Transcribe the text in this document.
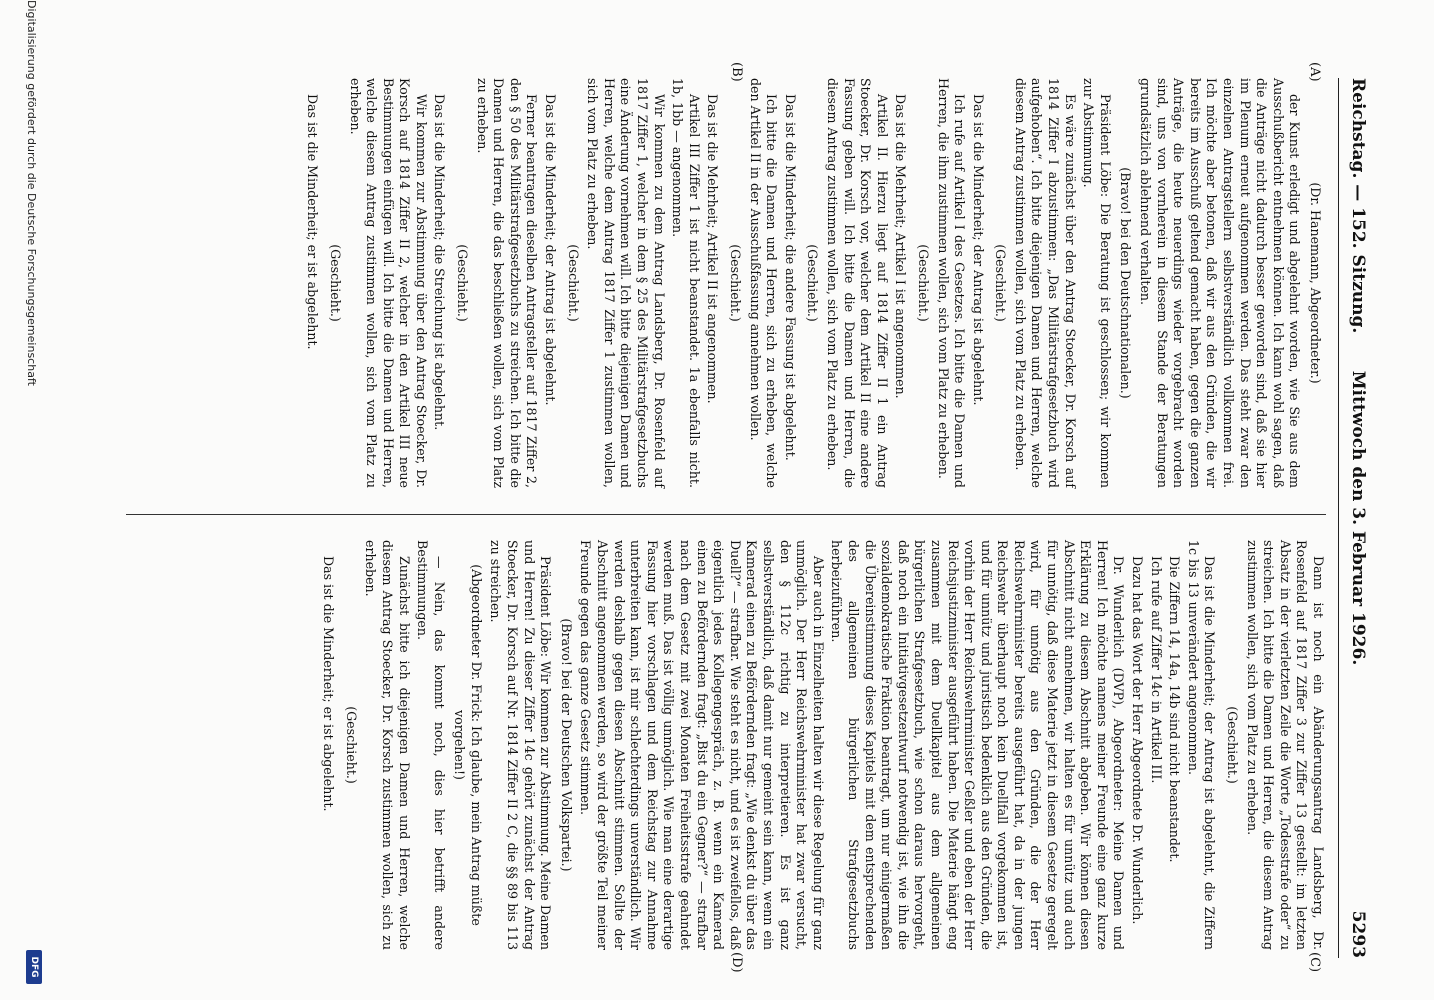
Reichstag. — 152. Sitzung.
Mittwoch den 3. Februar 1926.
5293
(A)
(B)
(C)
(D)

(Dr. Hanemann, Abgeordneter.)

der Kunst erledigt und abgelehnt worden, wie Sie aus dem Ausschußbericht entnehmen können. Ich kann wohl sagen, daß die Anträge nicht dadurch besser geworden sind, daß sie hier im Plenum erneut aufgenommen werden. Das steht zwar den einzelnen Antragstellern selbstverständlich vollkommen frei. Ich möchte aber betonen, daß wir aus den Gründen, die wir bereits im Ausschuß geltend gemacht haben, gegen die ganzen Anträge, die heute neuerdings wieder vorgebracht worden sind, uns von vornherein in diesem Stande der Beratungen grundsätzlich ablehnend verhalten.

(Bravo! bei den Deutschnationalen.)

Präsident Löbe: Die Beratung ist geschlossen; wir kommen zur Abstimmung.

Es wäre zunächst über den Antrag Stoecker, Dr. Korsch auf 1814 Ziffer I abzustimmen: „Das Militärstrafgesetzbuch wird aufgehoben“. Ich bitte diejenigen Damen und Herren, welche diesem Antrag zustimmen wollen, sich vom Platz zu erheben.

(Geschieht.)

Das ist die Minderheit; der Antrag ist abgelehnt.

Ich rufe auf Artikel I des Gesetzes. Ich bitte die Damen und Herren, die ihm zustimmen wollen, sich vom Platz zu erheben.

(Geschieht.)

Das ist die Mehrheit; Artikel I ist angenommen.

Artikel II. Hierzu liegt auf 1814 Ziffer II 1 ein Antrag Stoecker, Dr. Korsch vor, welcher dem Artikel II eine andere Fassung geben will. Ich bitte die Damen und Herren, die diesem Antrag zustimmen wollen, sich vom Platz zu erheben.

(Geschieht.)

Das ist die Minderheit; die andere Fassung ist abgelehnt.

Ich bitte die Damen und Herren, sich zu erheben, welche den Artikel II in der Ausschußfassung annehmen wollen.

(Geschieht.)

Das ist die Mehrheit; Artikel II ist angenommen.

Artikel III Ziffer 1 ist nicht beanstandet. 1a ebenfalls nicht. 1b, 1bb — angenommen.

Wir kommen zu dem Antrag Landsberg, Dr. Rosenfeld auf 1817 Ziffer 1, welcher in dem § 25 des Militärstrafgesetzbuchs eine Änderung vornehmen will. Ich bitte diejenigen Damen und Herren, welche dem Antrag 1817 Ziffer 1 zustimmen wollen, sich vom Platz zu erheben.

(Geschieht.)

Das ist die Minderheit; der Antrag ist abgelehnt.

Ferner beantragen dieselben Antragsteller auf 1817 Ziffer 2, den § 50 des Militärstrafgesetzbuchs zu streichen. Ich bitte die Damen und Herren, die das beschließen wollen, sich vom Platz zu erheben.

(Geschieht.)

Das ist die Minderheit; die Streichung ist abgelehnt.

Wir kommen zur Abstimmung über den Antrag Stoecker, Dr. Korsch auf 1814 Ziffer II 2, welcher in den Artikel III neue Bestimmungen einfügen will. Ich bitte die Damen und Herren, welche diesem Antrag zustimmen wollen, sich vom Platz zu erheben.

(Geschieht.)

Das ist die Minderheit; er ist abgelehnt.

Dann ist noch ein Abänderungsantrag Landsberg, Dr. Rosenfeld auf 1817 Ziffer 3 zur Ziffer 13 gestellt: im letzten Absatz in der vierletzten Zeile die Worte „Todesstrafe oder“ zu streichen. Ich bitte die Damen und Herren, die diesem Antrag zustimmen wollen, sich vom Platz zu erheben.

(Geschieht.)

Das ist die Minderheit; der Antrag ist abgelehnt, die Ziffern 1c bis 13 unverändert angenommen.

Die Ziffern 14, 14a, 14b sind nicht beanstandet.

Ich rufe auf Ziffer 14c in Artikel III.

Dazu hat das Wort der Herr Abgeordnete Dr. Wunderlich.

Dr. Wunderlich (DVP), Abgeordneter: Meine Damen und Herren! Ich möchte namens meiner Freunde eine ganz kurze Erklärung zu diesem Abschnitt abgeben. Wir können diesen Abschnitt nicht annehmen, wir halten es für unnütz und auch für unnötig, daß diese Materie jetzt in diesem Gesetze geregelt wird, für unnötig aus den Gründen, die der Herr Reichswehrminister bereits ausgeführt hat, da in der jungen Reichswehr überhaupt noch kein Duellfall vorgekommen ist, und für unnütz und juristisch bedenklich aus den Gründen, die vorhin der Herr Reichswehrminister Geßler und eben der Herr Reichsjustizminister ausgeführt haben. Die Materie hängt eng zusammen mit dem Duellkapitel aus dem allgemeinen bürgerlichen Strafgesetzbuch, wie schon daraus hervorgeht, daß noch ein Initiativgesetzentwurf notwendig ist, wie ihn die sozialdemokratische Fraktion beantragt, um nur einigermaßen die Übereinstimmung dieses Kapitels mit dem entsprechenden des allgemeinen bürgerlichen Strafgesetzbuchs herbeizuführen.

Aber auch in Einzelheiten halten wir diese Regelung für ganz unmöglich. Der Herr Reichswehrminister hat zwar versucht, den § 112c richtig zu interpretieren. Es ist ganz selbstverständlich, daß damit nur gemeint sein kann, wenn ein Kamerad einen zu Befördernden fragt: „Wie denkst du über das Duell?“ — strafbar. Wie steht es nicht, und es ist zweifellos, daß eigentlich jedes Kollegengespräch, z. B. wenn ein Kamerad einen zu Befördernden fragt: „Bist du ein Gegner?“ — strafbar nach dem Gesetz mit zwei Monaten Freiheitsstrafe geahndet werden muß. Das ist völlig unmöglich. Wie man eine derartige Fassung hier vorschlagen und dem Reichstag zur Annahme unterbreiten kann, ist mir schlechterdings unverständlich. Wir werden deshalb gegen diesen Abschnitt stimmen. Sollte der Abschnitt angenommen werden, so wird der größte Teil meiner Freunde gegen das ganze Gesetz stimmen.

(Bravo! bei der Deutschen Volkspartei.)

Präsident Löbe: Wir kommen zur Abstimmung. Meine Damen und Herren! Zu dieser Ziffer 14c gehört zunächst der Antrag Stoecker, Dr. Korsch auf Nr. 1814 Ziffer II 2 C, die §§ 89 bis 113 zu streichen.

(Abgeordneter Dr. Frick: Ich glaube, mein Antrag müßte vorgehen!)

— Nein, das kommt noch, dies hier betrifft andere Bestimmungen.

Zunächst bitte ich diejenigen Damen und Herren, welche diesem Antrag Stoecker, Dr. Korsch zustimmen wollen, sich zu erheben.

(Geschieht.)

Das ist die Minderheit; er ist abgelehnt.

Digitalisierung gefördert durch die Deutsche Forschungsgemeinschaft
DFG
